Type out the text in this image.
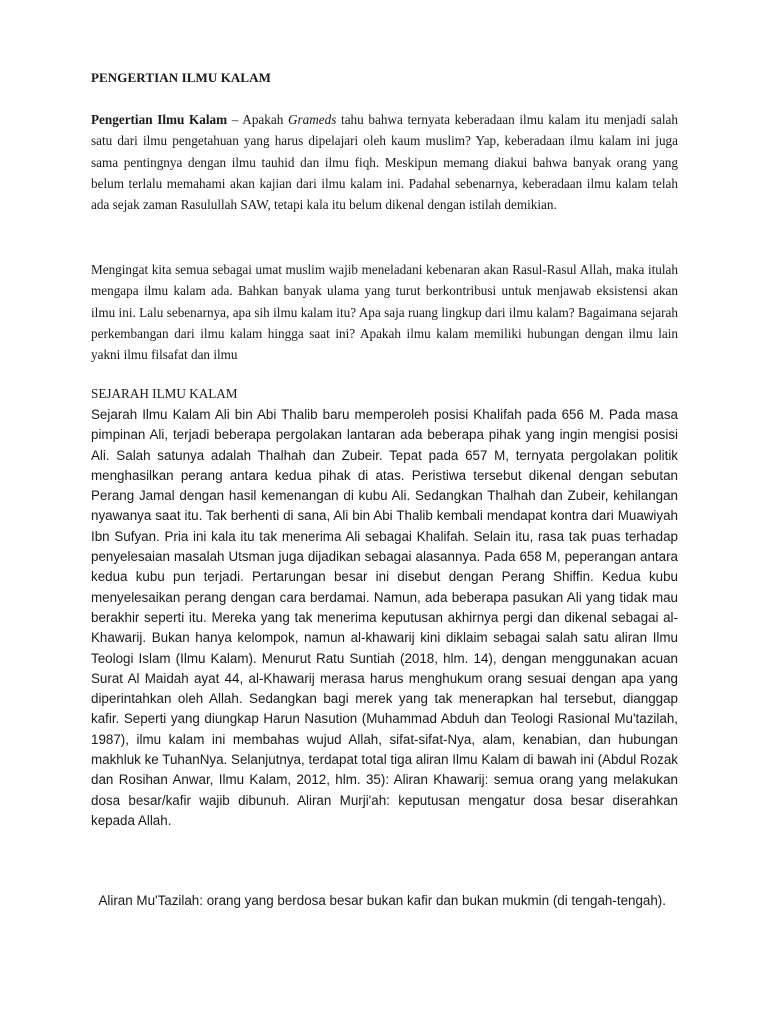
PENGERTIAN ILMU KALAM

Pengertian Ilmu Kalam – Apakah Grameds tahu bahwa ternyata keberadaan ilmu kalam itu menjadi salah satu dari ilmu pengetahuan yang harus dipelajari oleh kaum muslim? Yap, keberadaan ilmu kalam ini juga sama pentingnya dengan ilmu tauhid dan ilmu fiqh. Meskipun memang diakui bahwa banyak orang yang belum terlalu memahami akan kajian dari ilmu kalam ini. Padahal sebenarnya, keberadaan ilmu kalam telah ada sejak zaman Rasulullah SAW, tetapi kala itu belum dikenal dengan istilah demikian.

Mengingat kita semua sebagai umat muslim wajib meneladani kebenaran akan Rasul-Rasul Allah, maka itulah mengapa ilmu kalam ada. Bahkan banyak ulama yang turut berkontribusi untuk menjawab eksistensi akan ilmu ini. Lalu sebenarnya, apa sih ilmu kalam itu? Apa saja ruang lingkup dari ilmu kalam? Bagaimana sejarah perkembangan dari ilmu kalam hingga saat ini? Apakah ilmu kalam memiliki hubungan dengan ilmu lain yakni ilmu filsafat dan ilmu

SEJARAH ILMU KALAM

Sejarah Ilmu Kalam Ali bin Abi Thalib baru memperoleh posisi Khalifah pada 656 M. Pada masa pimpinan Ali, terjadi beberapa pergolakan lantaran ada beberapa pihak yang ingin mengisi posisi Ali. Salah satunya adalah Thalhah dan Zubeir. Tepat pada 657 M, ternyata pergolakan politik menghasilkan perang antara kedua pihak di atas. Peristiwa tersebut dikenal dengan sebutan Perang Jamal dengan hasil kemenangan di kubu Ali. Sedangkan Thalhah dan Zubeir, kehilangan nyawanya saat itu. Tak berhenti di sana, Ali bin Abi Thalib kembali mendapat kontra dari Muawiyah Ibn Sufyan. Pria ini kala itu tak menerima Ali sebagai Khalifah. Selain itu, rasa tak puas terhadap penyelesaian masalah Utsman juga dijadikan sebagai alasannya. Pada 658 M, peperangan antara kedua kubu pun terjadi. Pertarungan besar ini disebut dengan Perang Shiffin. Kedua kubu menyelesaikan perang dengan cara berdamai. Namun, ada beberapa pasukan Ali yang tidak mau berakhir seperti itu. Mereka yang tak menerima keputusan akhirnya pergi dan dikenal sebagai al-Khawarij. Bukan hanya kelompok, namun al-khawarij kini diklaim sebagai salah satu aliran Ilmu Teologi Islam (Ilmu Kalam). Menurut Ratu Suntiah (2018, hlm. 14), dengan menggunakan acuan Surat Al Maidah ayat 44, al-Khawarij merasa harus menghukum orang sesuai dengan apa yang diperintahkan oleh Allah. Sedangkan bagi merek yang tak menerapkan hal tersebut, dianggap kafir. Seperti yang diungkap Harun Nasution (Muhammad Abduh dan Teologi Rasional Mu'tazilah, 1987), ilmu kalam ini membahas wujud Allah, sifat-sifat-Nya, alam, kenabian, dan hubungan makhluk ke TuhanNya. Selanjutnya, terdapat total tiga aliran Ilmu Kalam di bawah ini (Abdul Rozak dan Rosihan Anwar, Ilmu Kalam, 2012, hlm. 35): Aliran Khawarij: semua orang yang melakukan dosa besar/kafir wajib dibunuh. Aliran Murji'ah: keputusan mengatur dosa besar diserahkan kepada Allah.

Aliran Mu'Tazilah: orang yang berdosa besar bukan kafir dan bukan mukmin (di tengah-tengah).
